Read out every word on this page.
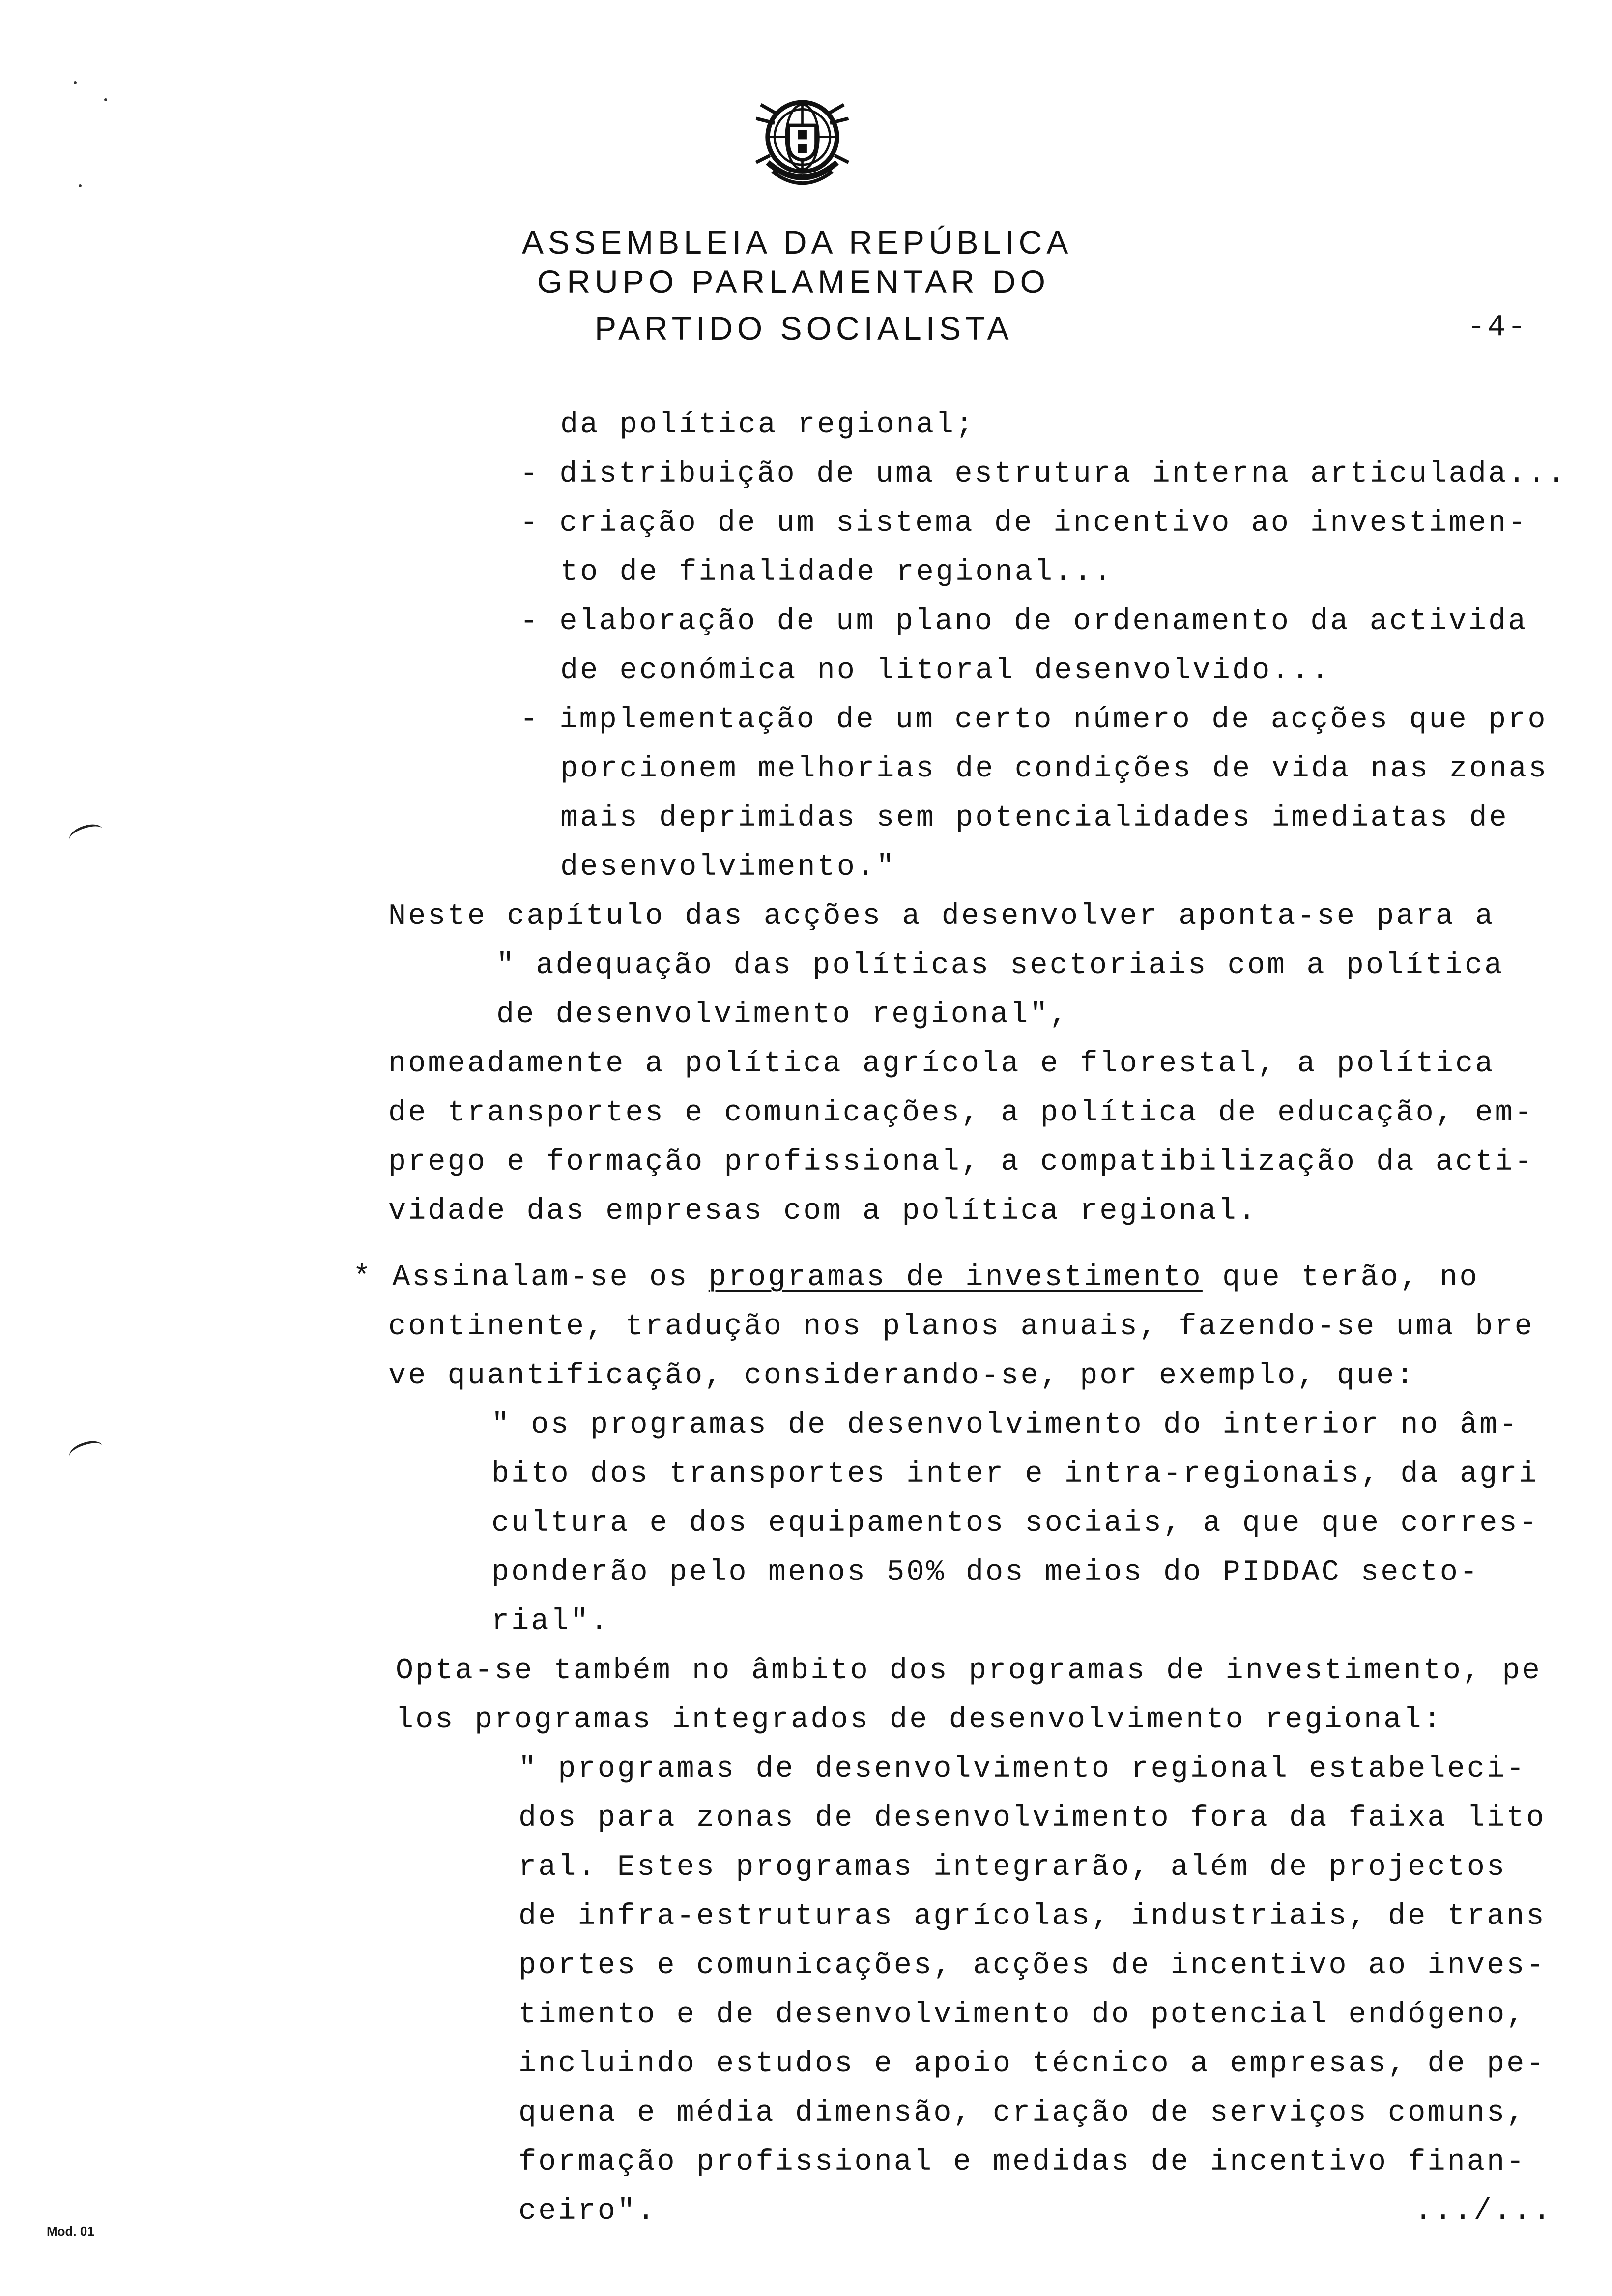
ASSEMBLEIA DA REPÚBLICA
GRUPO PARLAMENTAR DO
PARTIDO SOCIALISTA	-4-
da política regional;
- distribuição de uma estrutura interna articulada...
- criação de um sistema de incentivo ao investimen-
to de finalidade regional...
- elaboração de um plano de ordenamento da activida
de económica no litoral desenvolvido...
- implementação de um certo número de acções que pro
porcionem melhorias de condições de vida nas zonas
mais deprimidas sem potencialidades imediatas de
desenvolvimento."
Neste capítulo das acções a desenvolver aponta-se para a
" adequação das políticas sectoriais com a política
de desenvolvimento regional",
nomeadamente a política agrícola e florestal, a política
de transportes e comunicações, a política de educação, em-
prego e formação profissional, a compatibilização da acti-
vidade das empresas com a política regional.
* Assinalam-se os programas de investimento que terão, no
continente, tradução nos planos anuais, fazendo-se uma bre
ve quantificação, considerando-se, por exemplo, que:
" os programas de desenvolvimento do interior no âm-
bito dos transportes inter e intra-regionais, da agri
cultura e dos equipamentos sociais, a que que corres-
ponderão pelo menos 50% dos meios do PIDDAC secto-
rial".
Opta-se também no âmbito dos programas de investimento, pe
los programas integrados de desenvolvimento regional:
" programas de desenvolvimento regional estabeleci-
dos para zonas de desenvolvimento fora da faixa lito
ral. Estes programas integrarão, além de projectos
de infra-estruturas agrícolas, industriais, de trans
portes e comunicações, acções de incentivo ao inves-
timento e de desenvolvimento do potencial endógeno,
incluindo estudos e apoio técnico a empresas, de pe-
quena e média dimensão, criação de serviços comuns,
formação profissional e medidas de incentivo finan-
ceiro".	.../...
Mod. 01
